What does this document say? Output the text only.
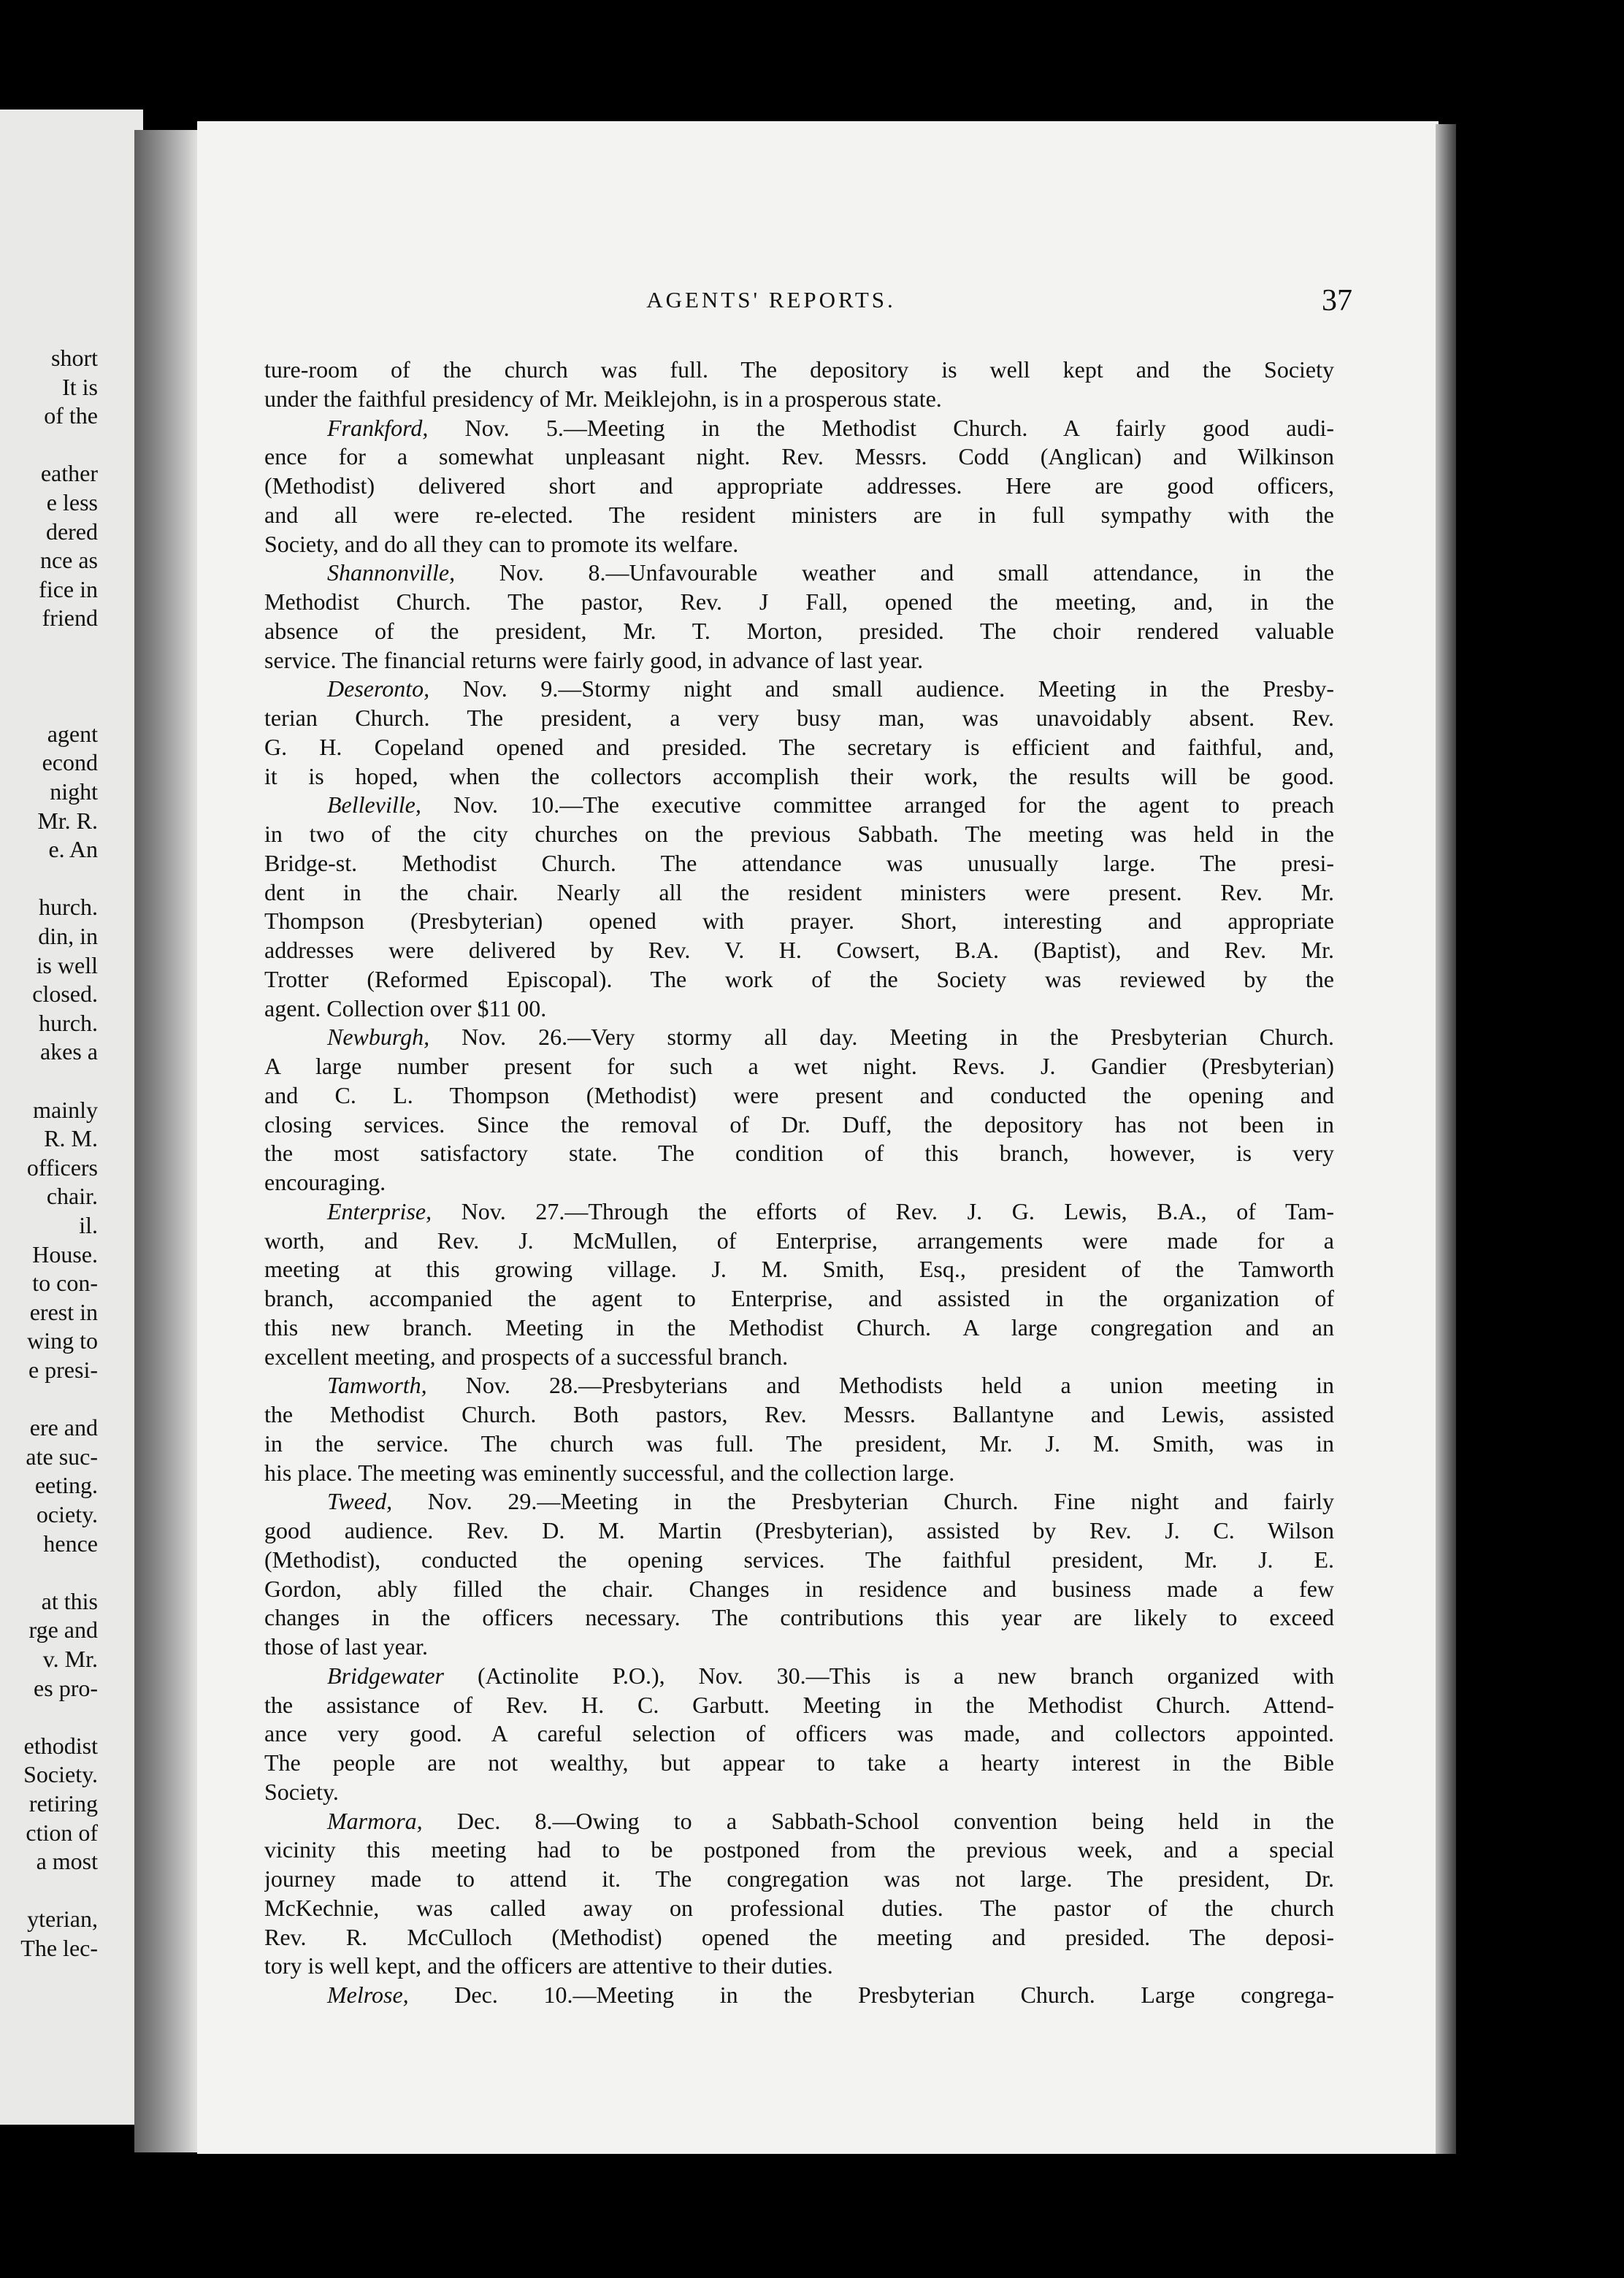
short
It is
of the
eather
e less
dered
nce as
fice in
friend
agent
econd
night
Mr. R.
e. An
hurch.
din, in
is well
closed.
hurch.
akes a
mainly
R. M.
officers
chair.
il.
House.
to con-
erest in
wing to
e presi-
ere and
ate suc-
eeting.
ociety.
hence
at this
rge and
v. Mr.
es pro-
ethodist
Society.
retiring
ction of
a most
yterian,
The lec-
AGENTS' REPORTS.	37
ture-room of the church was full. The depository is well kept and the Society
under the faithful presidency of Mr. Meiklejohn, is in a prosperous state.
Frankford, Nov. 5.—Meeting in the Methodist Church. A fairly good audi-
ence for a somewhat unpleasant night. Rev. Messrs. Codd (Anglican) and Wilkinson
(Methodist) delivered short and appropriate addresses. Here are good officers,
and all were re-elected. The resident ministers are in full sympathy with the
Society, and do all they can to promote its welfare.
Shannonville, Nov. 8.—Unfavourable weather and small attendance, in the
Methodist Church. The pastor, Rev. J Fall, opened the meeting, and, in the
absence of the president, Mr. T. Morton, presided. The choir rendered valuable
service. The financial returns were fairly good, in advance of last year.
Deseronto, Nov. 9.—Stormy night and small audience. Meeting in the Presby-
terian Church. The president, a very busy man, was unavoidably absent. Rev.
G. H. Copeland opened and presided. The secretary is efficient and faithful, and,
it is hoped, when the collectors accomplish their work, the results will be good.
Belleville, Nov. 10.—The executive committee arranged for the agent to preach
in two of the city churches on the previous Sabbath. The meeting was held in the
Bridge-st. Methodist Church. The attendance was unusually large. The presi-
dent in the chair. Nearly all the resident ministers were present. Rev. Mr.
Thompson (Presbyterian) opened with prayer. Short, interesting and appropriate
addresses were delivered by Rev. V. H. Cowsert, B.A. (Baptist), and Rev. Mr.
Trotter (Reformed Episcopal). The work of the Society was reviewed by the
agent. Collection over $11 00.
Newburgh, Nov. 26.—Very stormy all day. Meeting in the Presbyterian Church.
A large number present for such a wet night. Revs. J. Gandier (Presbyterian)
and C. L. Thompson (Methodist) were present and conducted the opening and
closing services. Since the removal of Dr. Duff, the depository has not been in
the most satisfactory state. The condition of this branch, however, is very
encouraging.
Enterprise, Nov. 27.—Through the efforts of Rev. J. G. Lewis, B.A., of Tam-
worth, and Rev. J. McMullen, of Enterprise, arrangements were made for a
meeting at this growing village. J. M. Smith, Esq., president of the Tamworth
branch, accompanied the agent to Enterprise, and assisted in the organization of
this new branch. Meeting in the Methodist Church. A large congregation and an
excellent meeting, and prospects of a successful branch.
Tamworth, Nov. 28.—Presbyterians and Methodists held a union meeting in
the Methodist Church. Both pastors, Rev. Messrs. Ballantyne and Lewis, assisted
in the service. The church was full. The president, Mr. J. M. Smith, was in
his place. The meeting was eminently successful, and the collection large.
Tweed, Nov. 29.—Meeting in the Presbyterian Church. Fine night and fairly
good audience. Rev. D. M. Martin (Presbyterian), assisted by Rev. J. C. Wilson
(Methodist), conducted the opening services. The faithful president, Mr. J. E.
Gordon, ably filled the chair. Changes in residence and business made a few
changes in the officers necessary. The contributions this year are likely to exceed
those of last year.
Bridgewater (Actinolite P.O.), Nov. 30.—This is a new branch organized with
the assistance of Rev. H. C. Garbutt. Meeting in the Methodist Church. Attend-
ance very good. A careful selection of officers was made, and collectors appointed.
The people are not wealthy, but appear to take a hearty interest in the Bible
Society.
Marmora, Dec. 8.—Owing to a Sabbath-School convention being held in the
vicinity this meeting had to be postponed from the previous week, and a special
journey made to attend it. The congregation was not large. The president, Dr.
McKechnie, was called away on professional duties. The pastor of the church
Rev. R. McCulloch (Methodist) opened the meeting and presided. The deposi-
tory is well kept, and the officers are attentive to their duties.
Melrose, Dec. 10.—Meeting in the Presbyterian Church. Large congrega-
